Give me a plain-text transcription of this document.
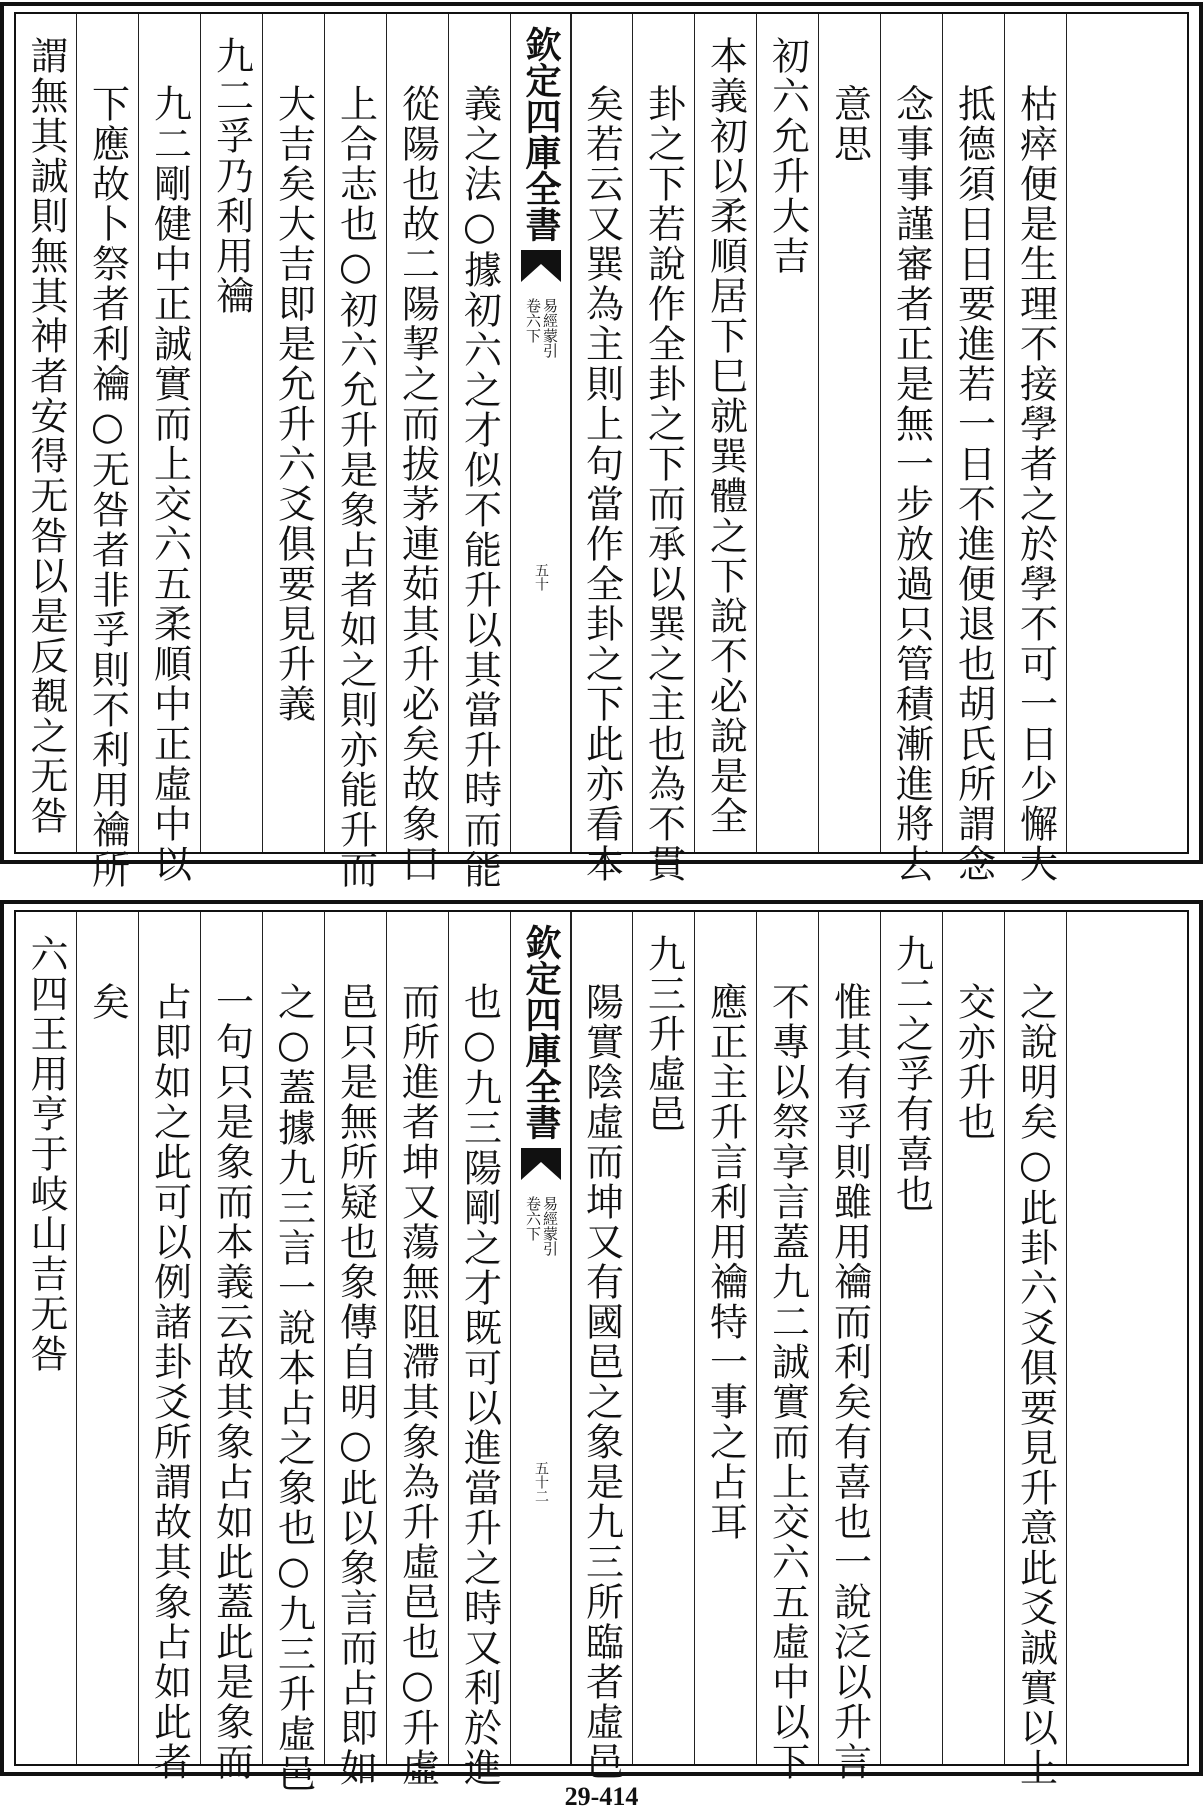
謂無其誠則無其神者安得无咎以是反覩之无咎 下應故卜祭者利禴○无咎者非孚則不利用禴所 九二剛健中正誠實而上交六五柔順中正虛中以 九二孚乃利用禴 大吉矣大吉即是允升六爻俱要見升義 上合志也○初六允升是象占者如之則亦能升而 從陽也故二陽挈之而拔茅連茹其升必矣故象曰 義之法○據初六之才似不能升以其當升時而能 欽定四庫全書
卷六下 易經蒙引
五十 矣若云又巽為主則上句當作全卦之下此亦看本 卦之下若說作全卦之下而承以巽之主也為不貫 本義初以柔順居下巳就巽體之下說不必說是全 初六允升大吉 意思 念事事謹審者正是無一步放過只管積漸進將去 抵德須日日要進若一日不進便退也胡氏所謂念 枯瘁便是生理不接學者之於學不可一日少懈大
六四王用亨于岐山吉无咎 矣 占即如之此可以例諸卦爻所謂故其象占如此者 一句只是象而本義云故其象占如此蓋此是象而 之○蓋據九三言一說本占之象也○九三升虛邑 邑只是無所疑也象傳自明○此以象言而占即如 而所進者坤又蕩無阻滯其象為升虛邑也○升虛 也○九三陽剛之才既可以進當升之時又利於進 欽定四庫全書
卷六下 易經蒙引
五十二 陽實陰虛而坤又有國邑之象是九三所臨者虛邑 九三升虛邑 應正主升言利用禴特一事之占耳 不專以祭享言蓋九二誠實而上交六五虛中以下 惟其有孚則雖用禴而利矣有喜也一說泛以升言 九二之孚有喜也 交亦升也 之說明矣○此卦六爻俱要見升意此爻誠實以上
29-414
